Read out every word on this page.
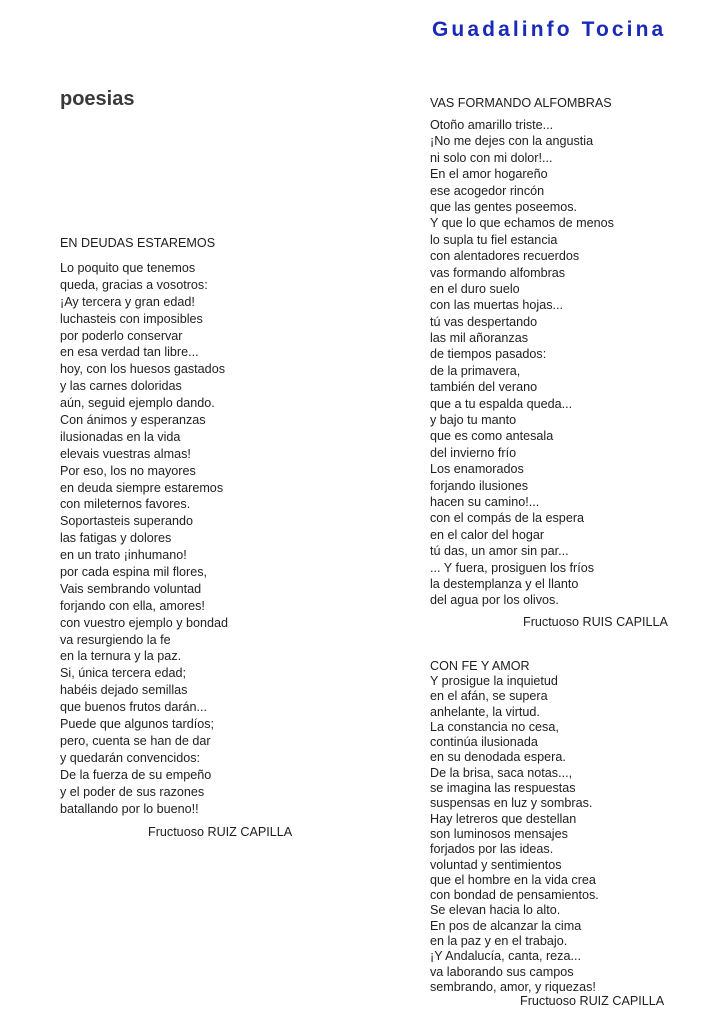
Guadalinfo Tocina
poesias
EN DEUDAS ESTAREMOS
Lo poquito que tenemos
queda, gracias a vosotros:
¡Ay tercera y gran edad!
luchasteis con imposibles
por poderlo conservar
en esa verdad tan libre...
hoy, con los huesos gastados
y las carnes doloridas
aún, seguid ejemplo dando.
Con ánimos y esperanzas
ilusionadas en la vida
elevais vuestras almas!
Por eso, los no mayores
en deuda siempre estaremos
con mileternos favores.
Soportasteis superando
las fatigas y dolores
en un trato ¡inhumano!
por cada espina mil flores,
Vais sembrando voluntad
forjando con ella, amores!
con vuestro ejemplo y bondad
va resurgiendo la fe
en la ternura y la paz.
Si, única tercera edad;
habéis dejado semillas
que buenos frutos darán...
Puede que algunos tardíos;
pero, cuenta se han de dar
y quedarán convencidos:
De la fuerza de su empeño
y el poder de sus razones
batallando por lo bueno!!
Fructuoso RUIZ CAPILLA
VAS FORMANDO ALFOMBRAS
Otoño amarillo triste...
¡No me dejes con la angustia
ni solo con mi dolor!...
En el amor hogareño
ese acogedor rincón
que las gentes poseemos.
Y que lo que echamos de menos
lo supla tu fiel estancia
con alentadores recuerdos
vas formando alfombras
en el duro suelo
con las muertas hojas...
tú vas despertando
las mil añoranzas
de tiempos pasados:
de la primavera,
también del verano
que a tu espalda queda...
y bajo tu manto
que es como antesala
del invierno frío
Los enamorados
forjando ilusiones
hacen su camino!...
con el compás de la espera
en el calor del hogar
tú das, un amor sin par...
... Y fuera, prosiguen los fríos
la destemplanza y el llanto
del agua por los olivos.
Fructuoso RUIS CAPILLA
CON FE Y AMOR
Y prosigue la inquietud
en el afán, se supera
anhelante, la virtud.
La constancia no cesa,
continúa ilusionada
en su denodada espera.
De la brisa, saca notas...,
se imagina las respuestas
suspensas en luz y sombras.
Hay letreros que destellan
son luminosos mensajes
forjados por las ideas.
voluntad y sentimientos
que el hombre en la vida crea
con bondad de pensamientos.
Se elevan hacia lo alto.
En pos de alcanzar la cima
en la paz y en el trabajo.
¡Y Andalucía, canta, reza...
va laborando sus campos
sembrando, amor, y riquezas!
Fructuoso RUIZ CAPILLA
